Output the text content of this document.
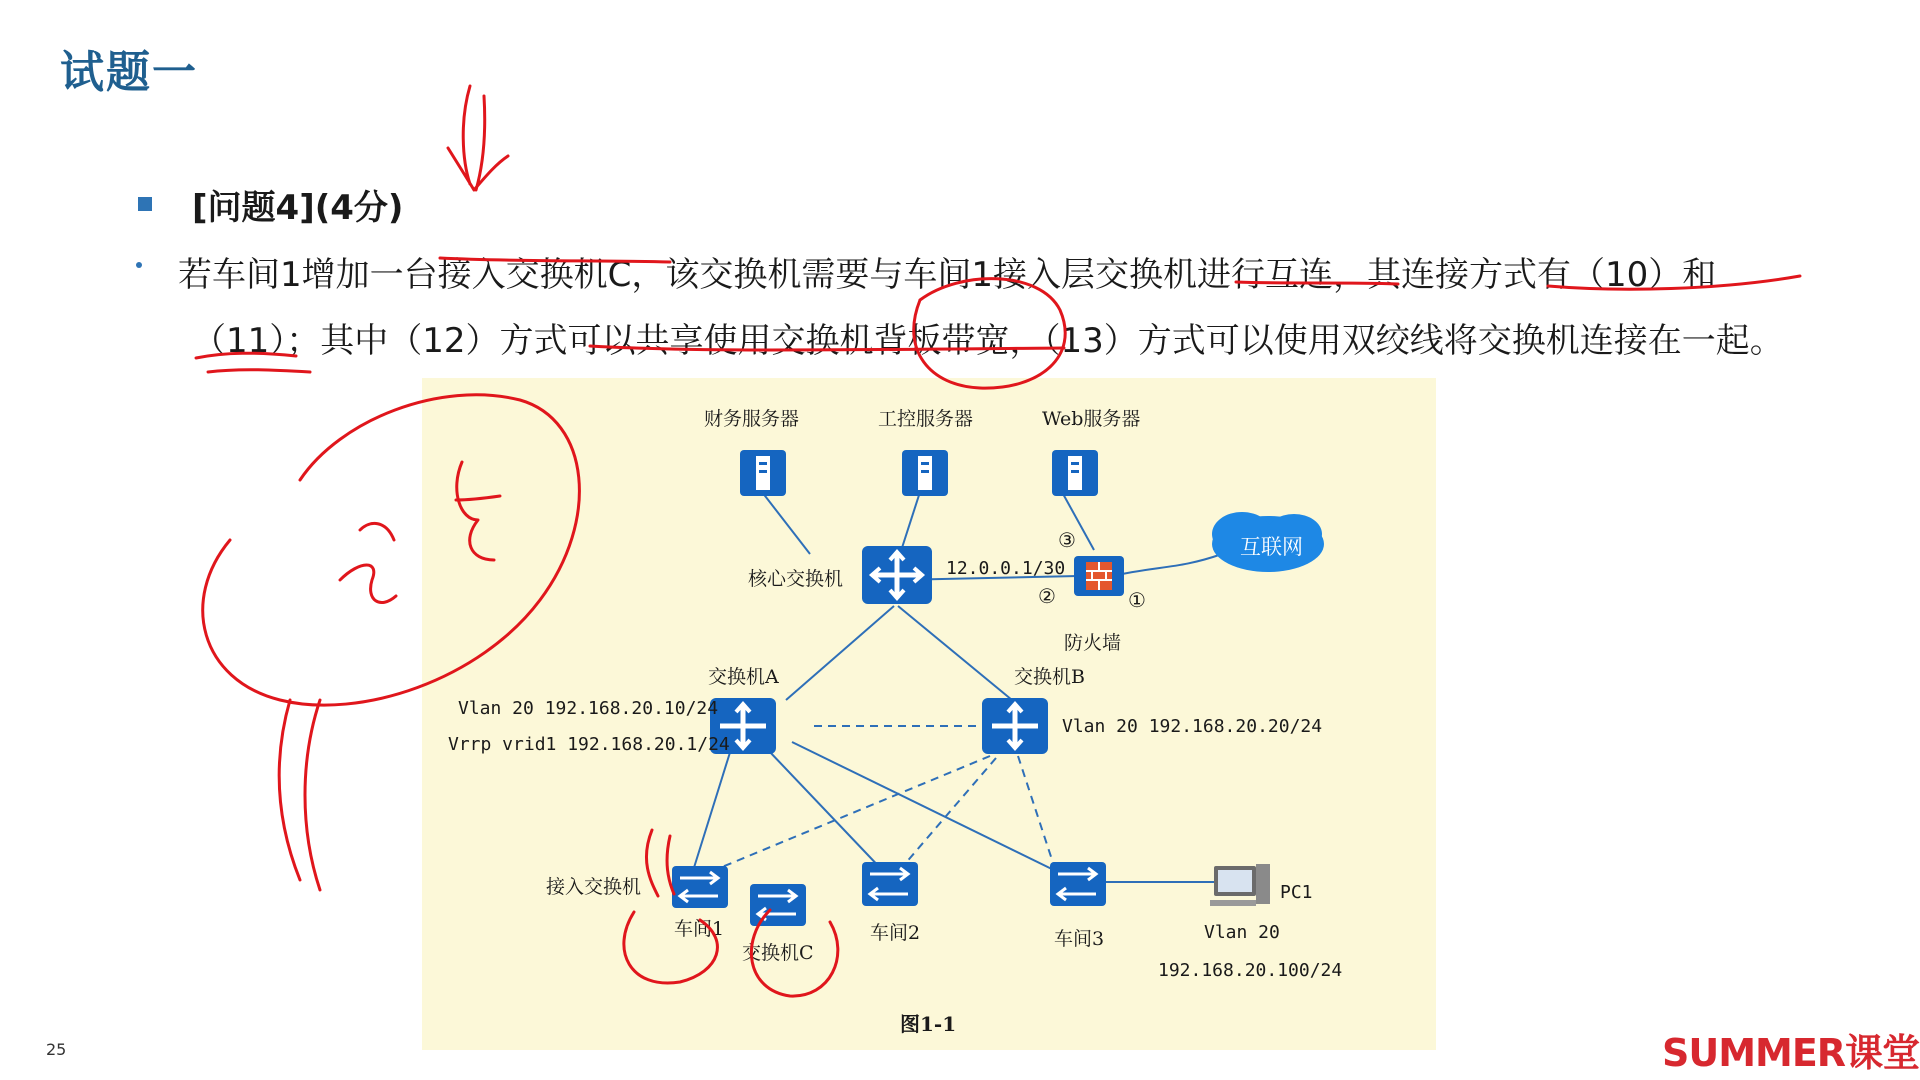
试题一
[问题4](4分)
若车间1增加一台接入交换机C，该交换机需要与车间1接入层交换机进行互连，其连接方式有（10）和
（11）；其中（12）方式可以共享使用交换机背板带宽，（13）方式可以使用双绞线将交换机连接在一起。
财务服务器	工控服务器	Web服务器
核心交换机	12.0.0.1/30
③
②	①
防火墙
互联网
交换机A
Vlan 20 192.168.20.10/24
Vrrp vrid1 192.168.20.1/24
交换机B
Vlan 20 192.168.20.20/24
接入交换机
车间1
交换机C
车间2	车间3
PC1
Vlan 20
192.168.20.100/24
图1-1
25	SUMMER课堂
